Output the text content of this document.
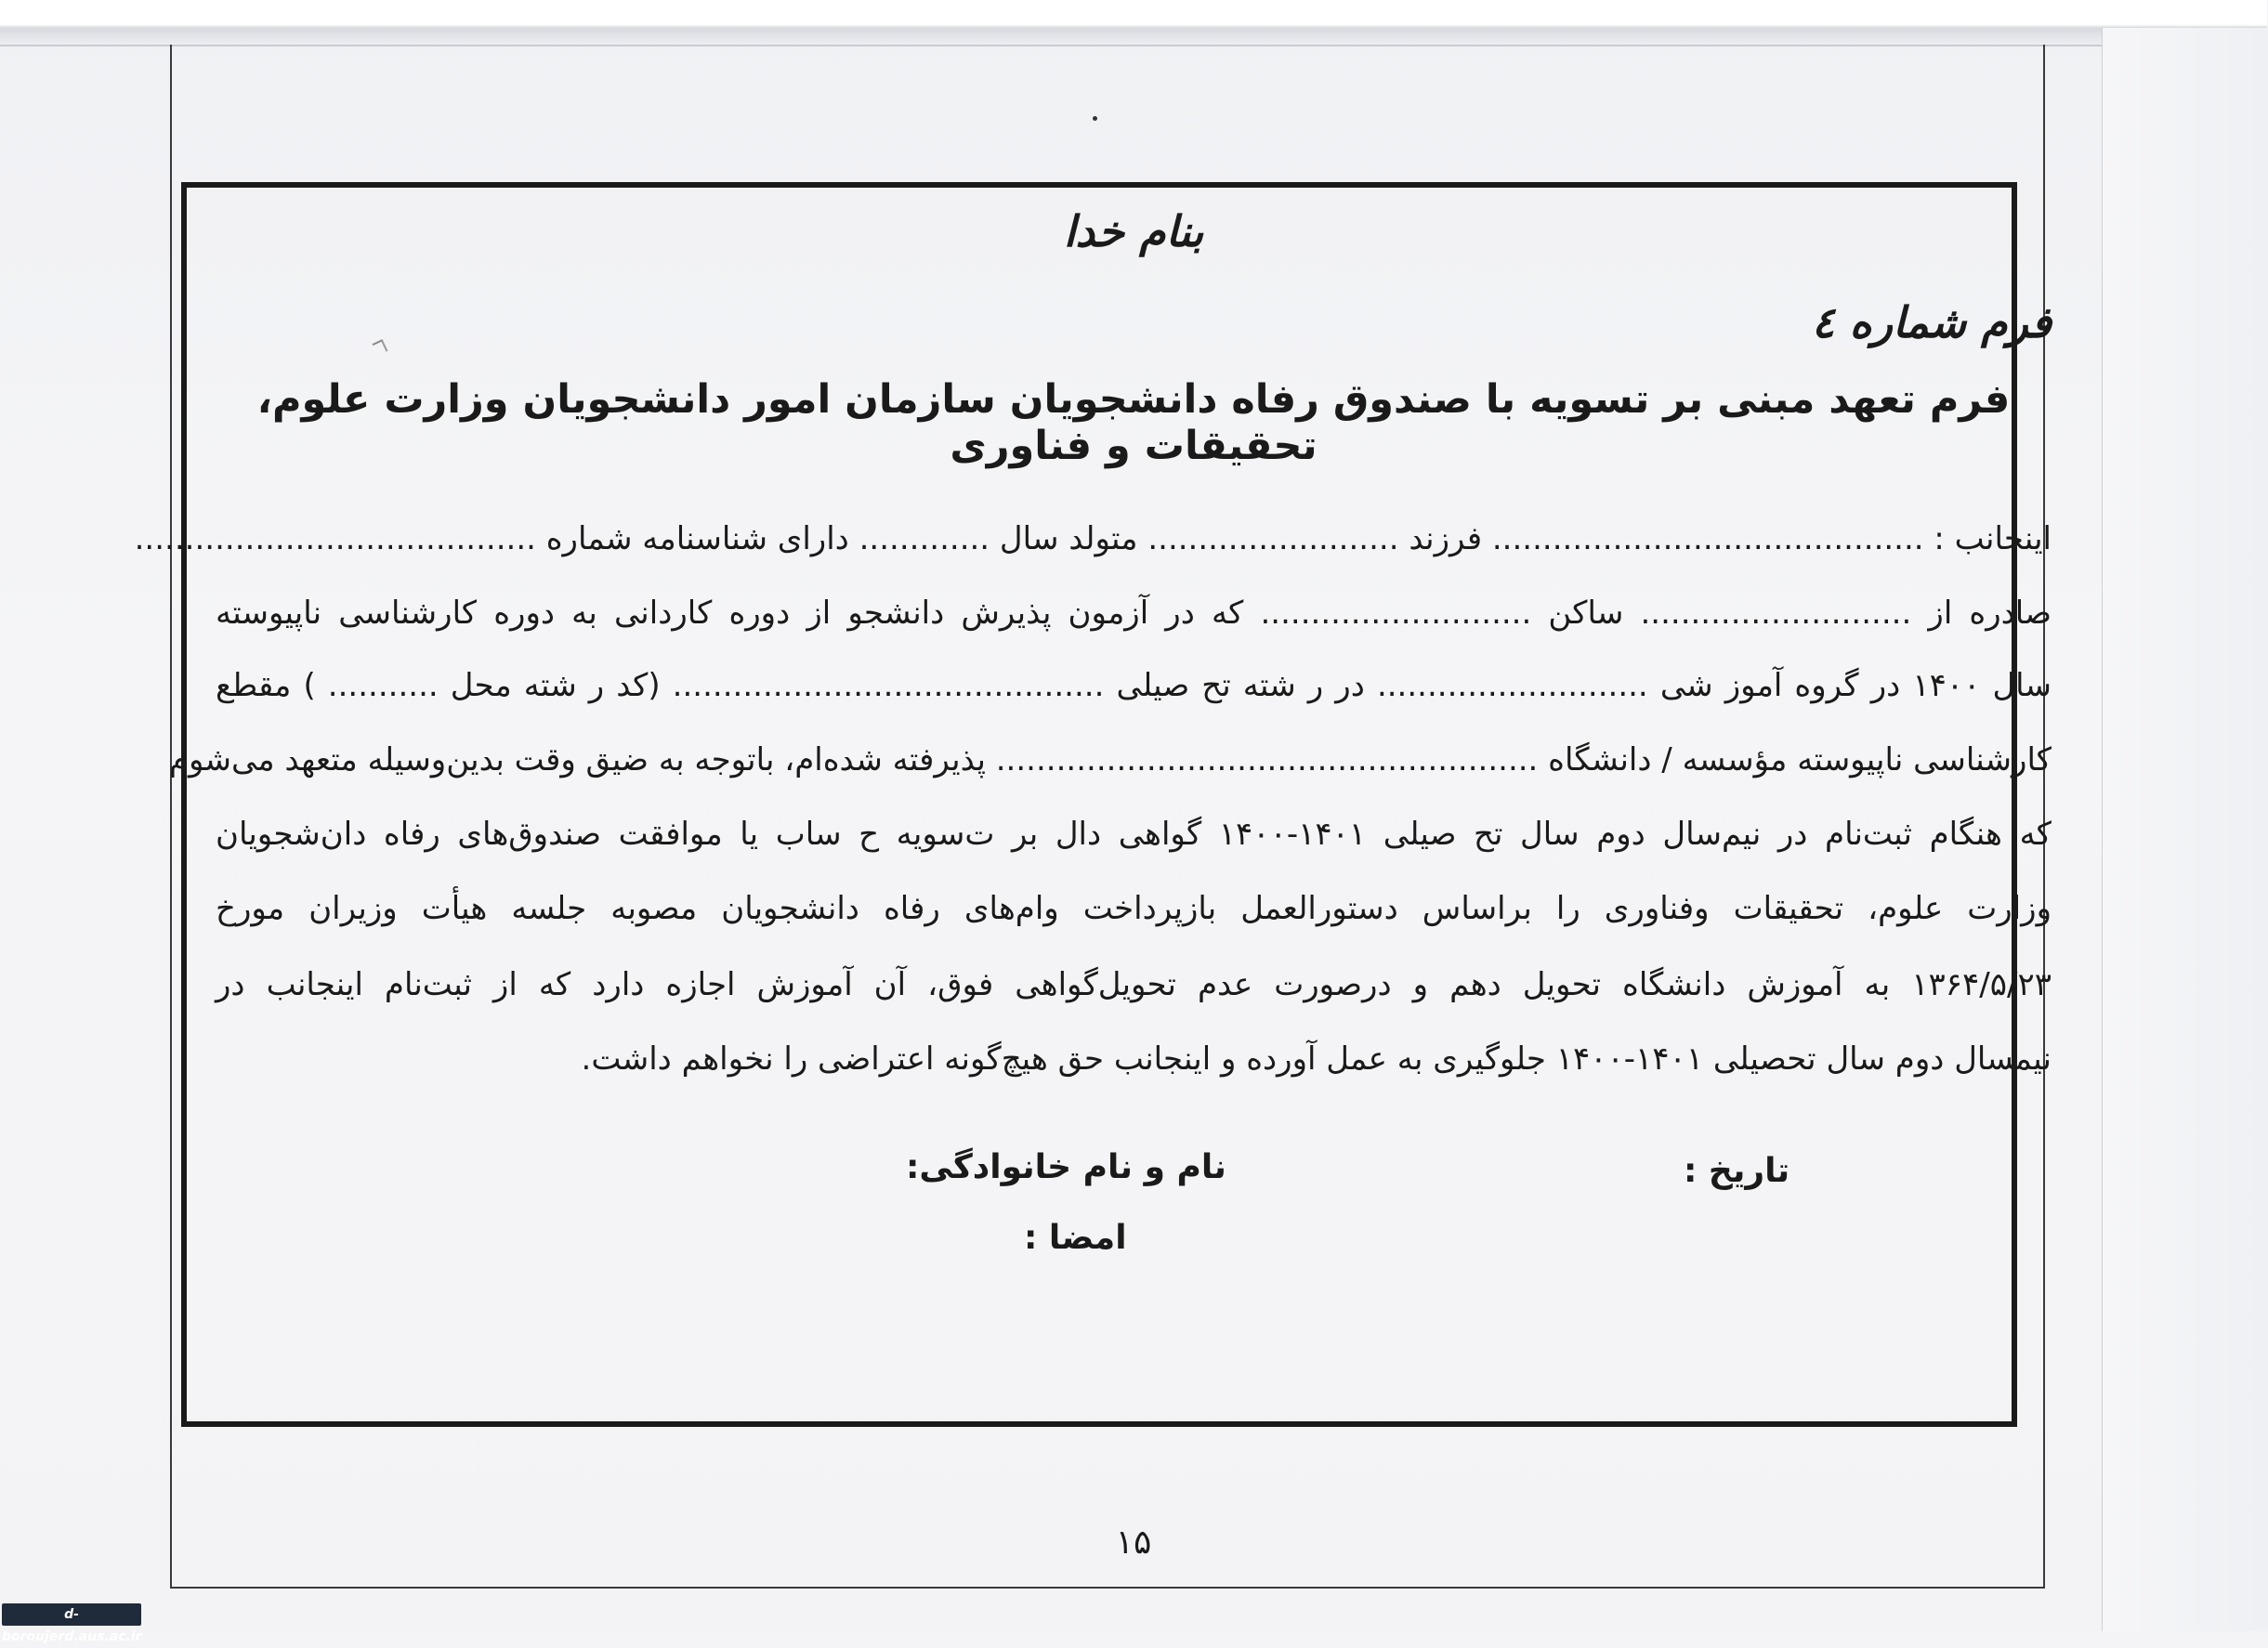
بنام خدا
فرم شماره ٤
فرم تعهد مبنی بر تسویه با صندوق رفاه دانشجویان سازمان امور دانشجویان وزارت علوم، تحقیقات و فناوری
اینجانب : ........................................... فرزند ......................... متولد سال ............. دارای شناسنامه شماره ........................................
صادره از ........................... ساکن ........................... که در آزمون پذیرش دانشجو از دوره کاردانی به دوره کارشناسی ناپیوسته
سال ۱۴۰۰ در گروه آموز شی ........................... در ر شته تح صیلی ........................................... (کد ر شته محل ........... ) مقطع
کارشناسی ناپیوسته مؤسسه / دانشگاه ...................................................... پذیرفته شده‌ام، باتوجه به ضیق وقت بدین‌وسیله متعهد می‌شوم
که هنگام ثبت‌نام در نیم‌سال دوم سال تح صیلی ۱۴۰۱-۱۴۰۰ گواهی دال بر ت‌سویه ح ساب یا موافقت صندوق‌های رفاه دان‌شجویان
وزارت علوم، تحقیقات وفناوری را براساس دستورالعمل بازپرداخت وام‌های رفاه دانشجویان مصوبه جلسه هیأت وزیران مورخ
۱۳۶۴/۵/۲۳ به آموزش دانشگاه تحویل دهم و درصورت عدم تحویل‌گواهی فوق، آن آموزش اجازه دارد که از ثبت‌نام اینجانب در
نیمسال دوم سال تحصیلی ۱۴۰۱-۱۴۰۰ جلوگیری به عمل آورده و اینجانب حق هیچ‌گونه اعتراضی را نخواهم داشت.
تاریخ :
نام و نام خانوادگی:
امضا :
۱۵
d-boroujerd.aus.ac.ir
